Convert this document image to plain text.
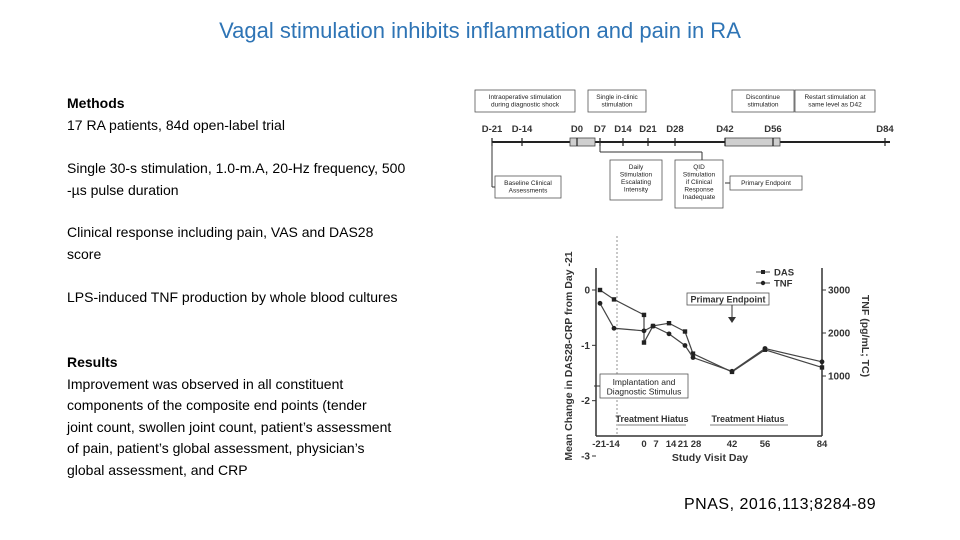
Vagal stimulation inhibits inflammation and pain in RA
Methods
17 RA patients, 84d open-label trial
Single 30-s stimulation, 1.0-m.A, 20-Hz frequency, 500
-µs pulse duration
Clinical response including pain, VAS and DAS28
score
LPS-induced TNF production by whole blood cultures
Results
Improvement was observed in all constituent
components of the composite end points (tender
joint count, swollen joint count, patient’s assessment
of pain, patient’s global assessment, physician’s
global assessment, and CRP
D-21 D-14	D0 D7 D14 D21 D28	D42	D56	D84
Intraoperative stimulation during diagnostic shock
Single in-clinic stimulation
Discontinue stimulation
Restart stimulation at same level as D42
Baseline Clinical Assessments
Daily Stimulation Escalating Intensity
QID Stimulation if Clinical Response Inadequate
Primary Endpoint
0
-1
-2
-3
3000
2000
1000
-21-14 0 7 14 21 28	42 56	84
Study Visit Day
Mean Change in DAS28-CRP from Day -21	TNF (pg/mL; TC)
DAS
TNF
Primary Endpoint
Implantation and Diagnostic Stimulus
Treatment Hiatus	Treatment Hiatus
PNAS, 2016,113;8284-89
